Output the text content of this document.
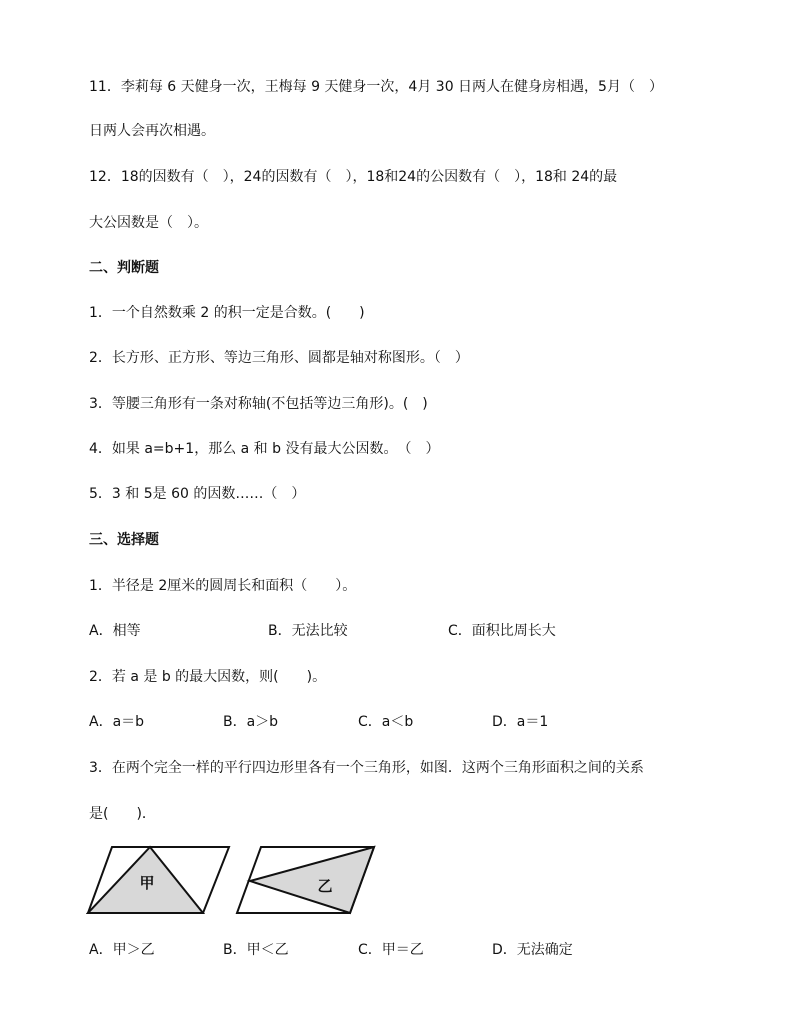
11．李莉每 6 天健身一次，王梅每 9 天健身一次，4月 30 日两人在健身房相遇，5月（　）
日两人会再次相遇。
12．18的因数有（　），24的因数有（　），18和24的公因数有（　），18和 24的最
大公因数是（　）。
二、判断题
1．一个自然数乘 2 的积一定是合数。(　　)
2．长方形、正方形、等边三角形、圆都是轴对称图形。（　）
3．等腰三角形有一条对称轴(不包括等边三角形)。(　)
4．如果 a=b+1，那么 a 和 b 没有最大公因数。　（　）
5．3 和 5是 60 的因数……（　）
三、选择题
1．半径是 2厘米的圆周长和面积（　　）。
A．相等	B．无法比较	C．面积比周长大
2．若 a 是 b 的最大因数，则(　　)。
A．a＝b	B．a＞b	C．a＜b	D．a＝1
3．在两个完全一样的平行四边形里各有一个三角形，如图．这两个三角形面积之间的关系
是(　　)．
甲	乙
A．甲＞乙	B．甲＜乙	C．甲＝乙	D．无法确定
